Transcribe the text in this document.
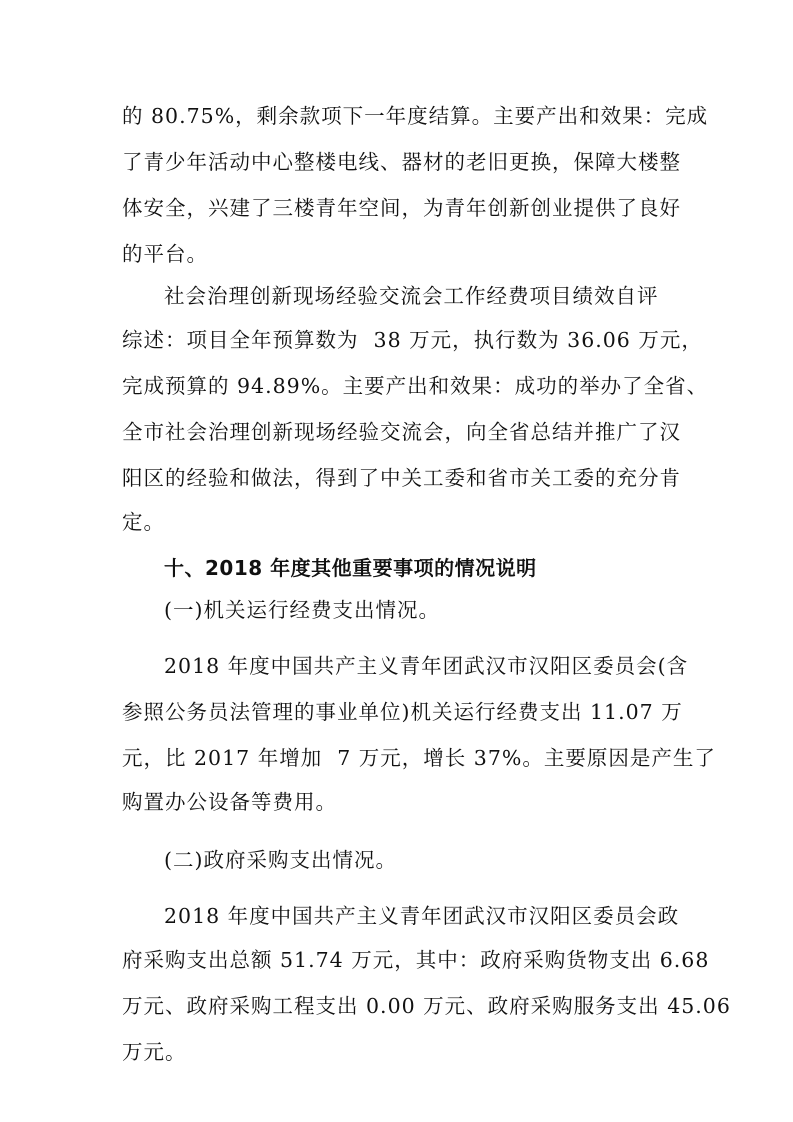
的 80.75%，剩余款项下一年度结算。主要产出和效果：完成
了青少年活动中心整楼电线、器材的老旧更换，保障大楼整
体安全，兴建了三楼青年空间，为青年创新创业提供了良好
的平台。
社会治理创新现场经验交流会工作经费项目绩效自评
综述：项目全年预算数为  38 万元，执行数为 36.06 万元，
完成预算的 94.89%。主要产出和效果：成功的举办了全省、
全市社会治理创新现场经验交流会，向全省总结并推广了汉
阳区的经验和做法，得到了中关工委和省市关工委的充分肯
定。
十、2018 年度其他重要事项的情况说明
(一)机关运行经费支出情况。
2018 年度中国共产主义青年团武汉市汉阳区委员会(含
参照公务员法管理的事业单位)机关运行经费支出 11.07 万
元，比 2017 年增加  7 万元，增长 37%。主要原因是产生了
购置办公设备等费用。
(二)政府采购支出情况。
2018 年度中国共产主义青年团武汉市汉阳区委员会政
府采购支出总额 51.74 万元，其中：政府采购货物支出 6.68
万元、政府采购工程支出 0.00 万元、政府采购服务支出 45.06
万元。
